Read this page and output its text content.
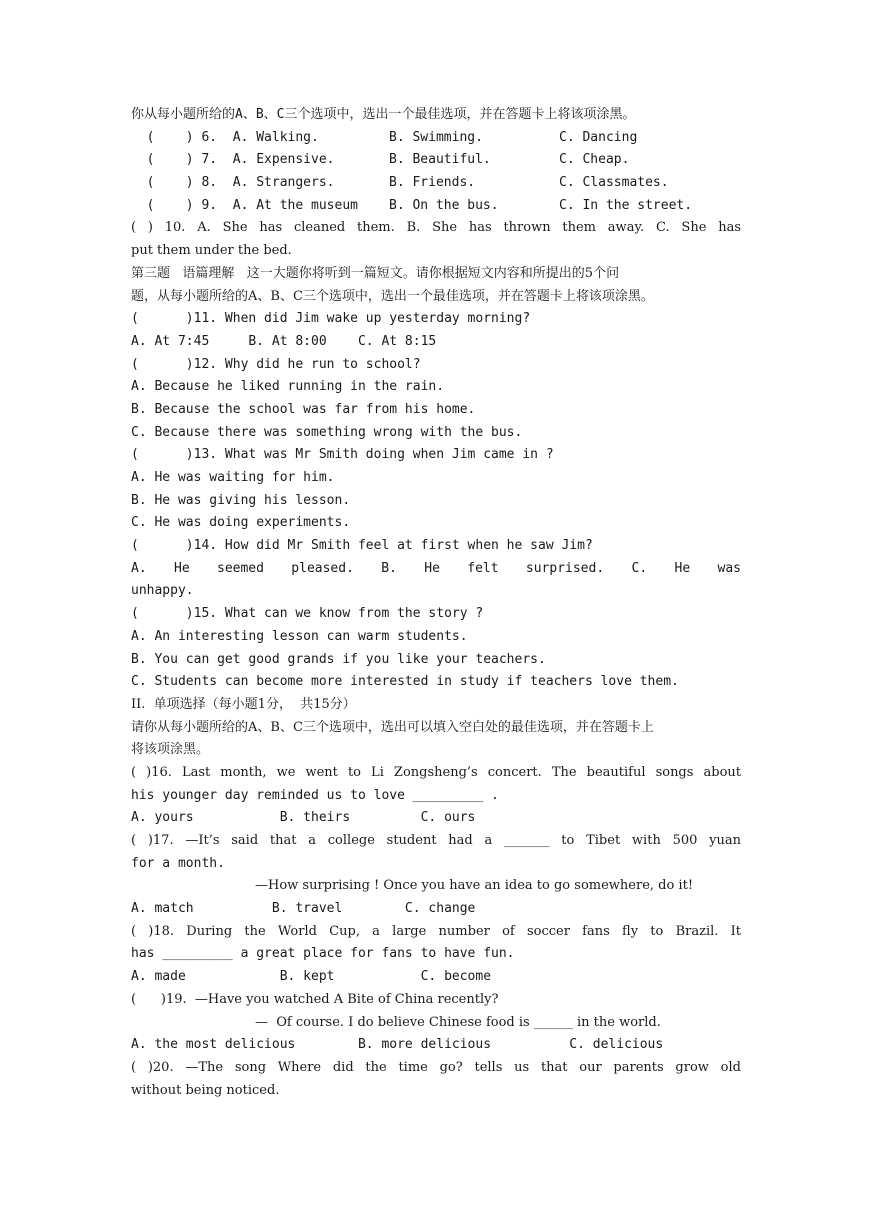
你从每小题所给的A、B、C三个选项中，选出一个最佳选项，并在答题卡上将该项涂黑。
(    ) 6.  A. Walking.	B. Swimming.	C. Dancing
(    ) 7.  A. Expensive.	B. Beautiful.	C. Cheap.
(    ) 8.  A. Strangers.	B. Friends.	C. Classmates.
(    ) 9.  A. At the museum	B. On the bus.	C. In the street.
( ) 10. A. She has cleaned them. B. She has thrown them away. C. She has
put them under the bed.
第三题   语篇理解   这一大题你将听到一篇短文。请你根据短文内容和所提出的5个问
题，从每小题所给的A、B、C三个选项中，选出一个最佳选项，并在答题卡上将该项涂黑。
(      )11. When did Jim wake up yesterday morning?
A. At 7:45     B. At 8:00    C. At 8:15
(      )12. Why did he run to school?
A. Because he liked running in the rain.
B. Because the school was far from his home.
C. Because there was something wrong with the bus.
(      )13. What was Mr Smith doing when Jim came in ?
A. He was waiting for him.
B. He was giving his lesson.
C. He was doing experiments.
(      )14. How did Mr Smith feel at first when he saw Jim?
A. He seemed pleased. B. He felt surprised. C. He was
unhappy.
(      )15. What can we know from the story ?
A. An interesting lesson can warm students.
B. You can get good grands if you like your teachers.
C. Students can become more interested in study if teachers love them.
II.  单项选择（每小题1分，  共15分）
请你从每小题所给的A、B、C三个选项中，选出可以填入空白处的最佳选项，并在答题卡上
将该项涂黑。
( )16. Last month, we went to Li Zongsheng’s concert. The beautiful songs about
his younger day reminded us to love _________ .
A. yours           B. theirs         C. ours
( )17. —It’s said that a college student had a _______ to Tibet with 500 yuan
for a month.
—How surprising ! Once you have an idea to go somewhere, do it!
A. match          B. travel        C. change
( )18. During the World Cup, a large number of soccer fans fly to Brazil. It
has _________ a great place for fans to have fun.
A. made            B. kept           C. become
(      )19.  —Have you watched A Bite of China recently?
—  Of course. I do believe Chinese food is ______ in the world.
A. the most delicious        B. more delicious          C. delicious
( )20. —The song Where did the time go? tells us that our parents grow old
without being noticed.
